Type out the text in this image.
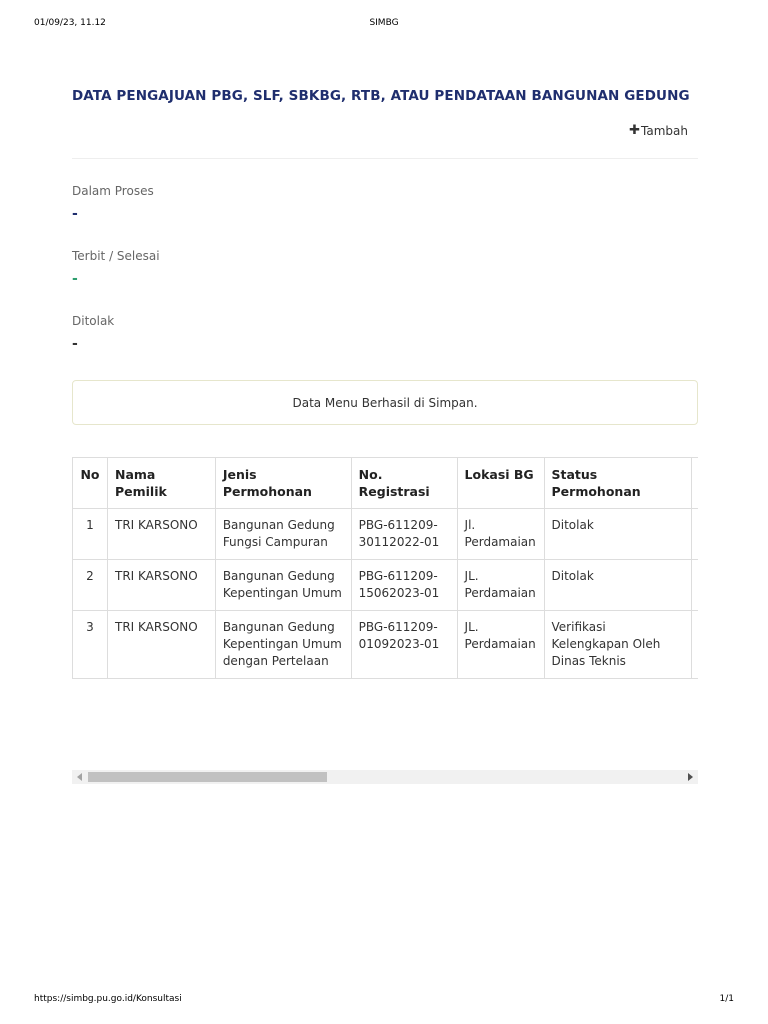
01/09/23, 11.12	SIMBG
DATA PENGAJUAN PBG, SLF, SBKBG, RTB, ATAU PENDATAAN BANGUNAN GEDUNG
✚ Tambah
Dalam Proses
-
Terbit / Selesai
-
Ditolak
-
Data Menu Berhasil di Simpan.
No	Nama Pemilik	Jenis Permohonan	No. Registrasi	Lokasi BG	Status Permohonan	
1	TRI KARSONO	Bangunan Gedung Fungsi Campuran	PBG-611209-30112022-01	Jl. Perdamaian	Ditolak	
2	TRI KARSONO	Bangunan Gedung Kepentingan Umum	PBG-611209-15062023-01	JL. Perdamaian	Ditolak	
3	TRI KARSONO	Bangunan Gedung Kepentingan Umum dengan Pertelaan	PBG-611209-01092023-01	JL. Perdamaian	Verifikasi Kelengkapan Oleh Dinas Teknis	
https://simbg.pu.go.id/Konsultasi	1/1
